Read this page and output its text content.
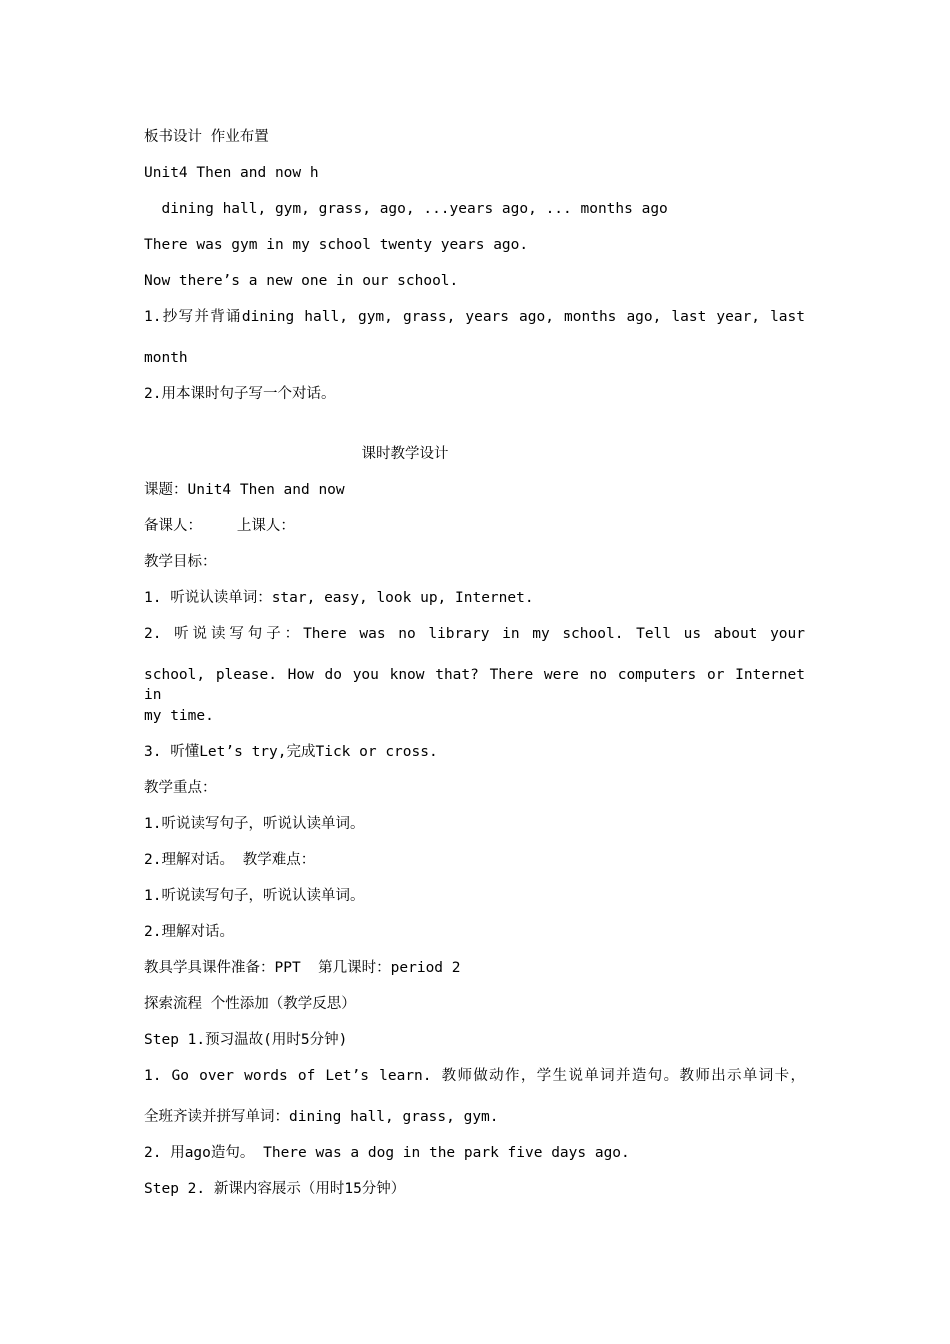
板书设计 作业布置
Unit4 Then and now h
dining hall, gym, grass, ago, ...years ago, ... months ago
There was gym in my school twenty years ago.
Now there’s a new one in our school.
1.抄写并背诵dining hall, gym, grass, years ago, months ago, last year, last
month
2.用本课时句子写一个对话。
课时教学设计
课题：Unit4 Then and now
备课人：    上课人：
教学目标：
1. 听说认读单词：star, easy, look up, Internet.
2. 听说读写句子：There was no library in my school. Tell us about your
school, please. How do you know that? There were no computers or Internet in
my time.
3. 听懂Let’s try,完成Tick or cross.
教学重点：
1.听说读写句子，听说认读单词。
2.理解对话。 教学难点：
1.听说读写句子，听说认读单词。
2.理解对话。
教具学具课件准备：PPT  第几课时：period 2
探索流程 个性添加（教学反思）
Step 1.预习温故(用时5分钟)
1. Go over words of Let’s learn. 教师做动作，学生说单词并造句。教师出示单词卡，
全班齐读并拼写单词：dining hall, grass, gym.
2. 用ago造句。 There was a dog in the park five days ago.
Step 2. 新课内容展示（用时15分钟）
